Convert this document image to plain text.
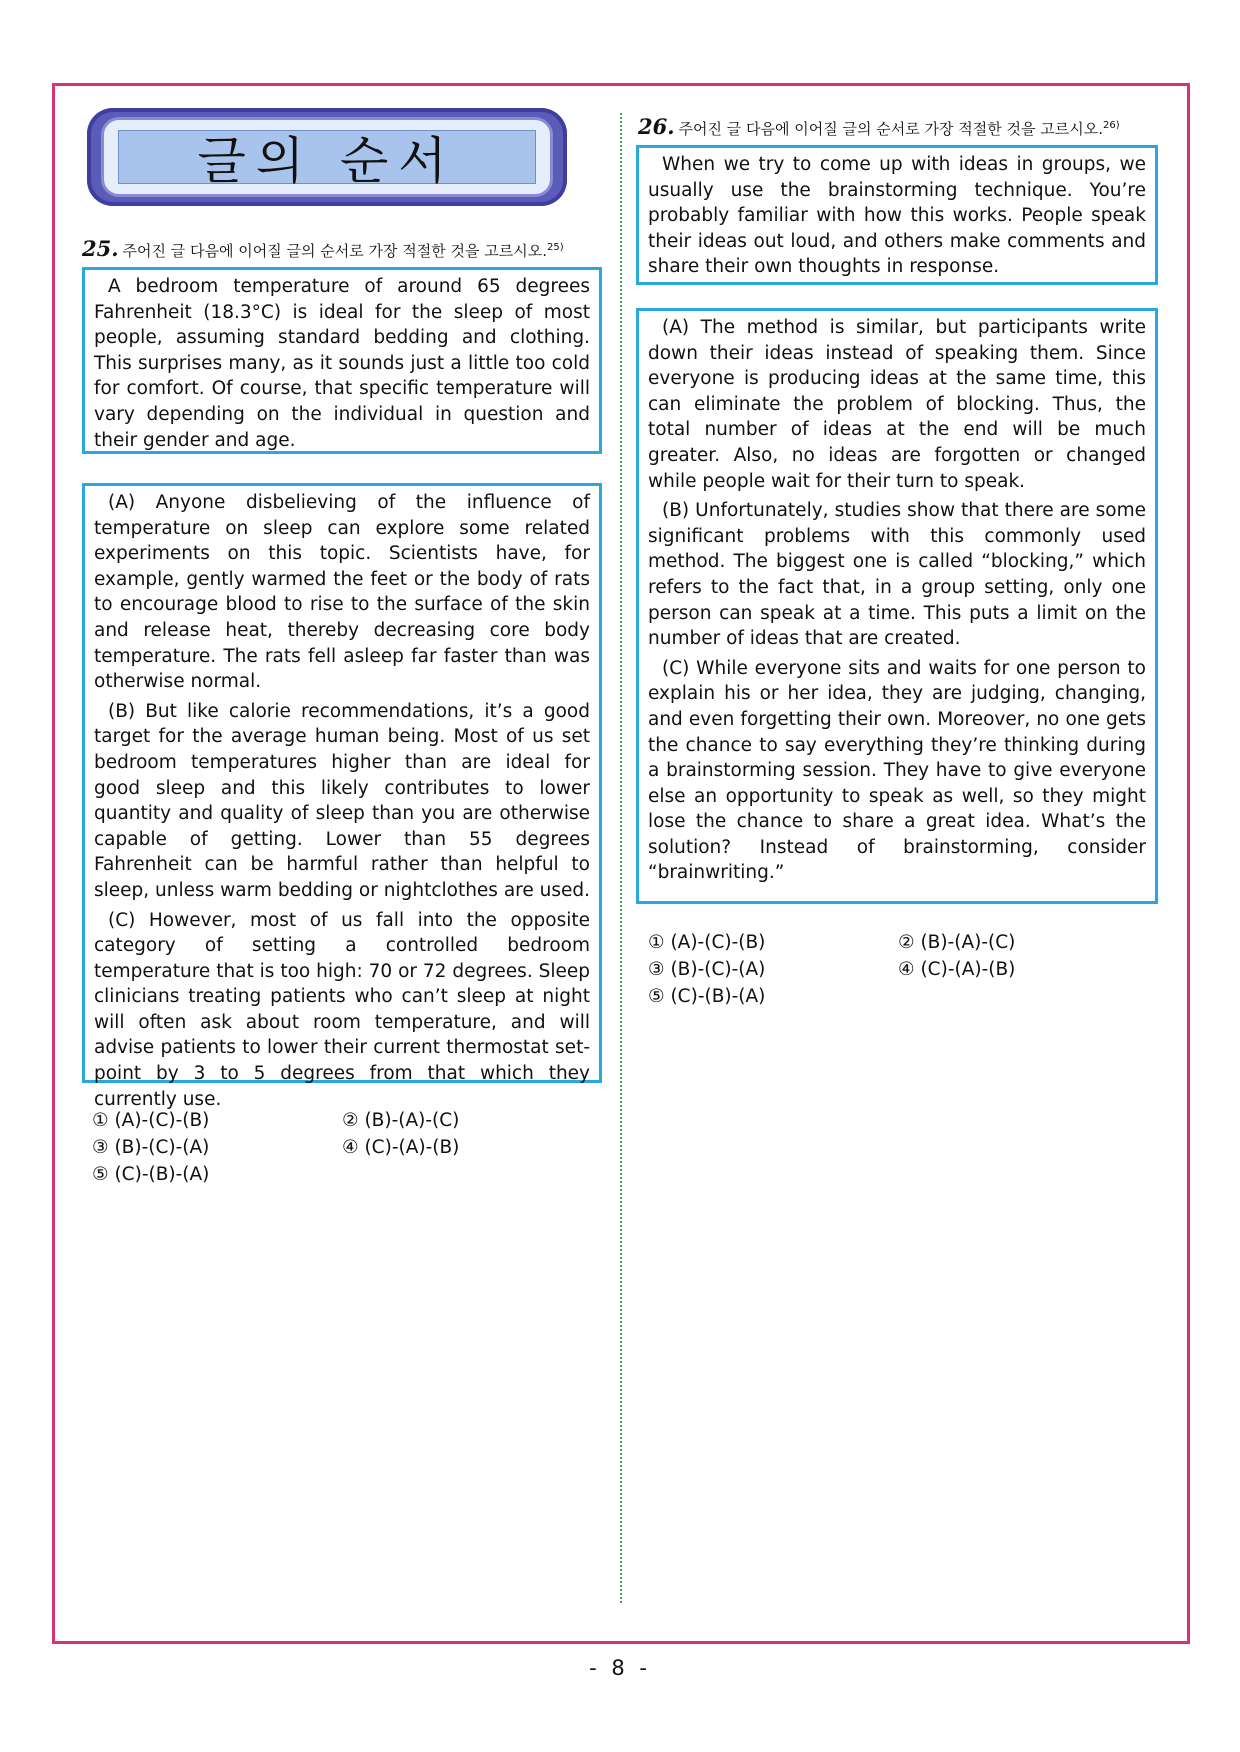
글의 순서
25. 주어진 글 다음에 이어질 글의 순서로 가장 적절한 것을 고르시오.$^{25)}$

A bedroom temperature of around 65 degrees Fahrenheit (18.3°C) is ideal for the sleep of most people, assuming standard bedding and clothing. This surprises many, as it sounds just a little too cold for comfort. Of course, that specific temperature will vary depending on the individual in question and their gender and age.

(A) Anyone disbelieving of the influence of temperature on sleep can explore some related experiments on this topic. Scientists have, for example, gently warmed the feet or the body of rats to encourage blood to rise to the surface of the skin and release heat, thereby decreasing core body temperature. The rats fell asleep far faster than was otherwise normal.

(B) But like calorie recommendations, it’s a good target for the average human being. Most of us set bedroom temperatures higher than are ideal for good sleep and this likely contributes to lower quantity and quality of sleep than you are otherwise capable of getting. Lower than 55 degrees Fahrenheit can be harmful rather than helpful to sleep, unless warm bedding or nightclothes are used.

(C) However, most of us fall into the opposite category of setting a controlled bedroom temperature that is too high: 70 or 72 degrees. Sleep clinicians treating patients who can’t sleep at night will often ask about room temperature, and will advise patients to lower their current thermostat set-point by 3 to 5 degrees from that which they currently use.

① (A)-(C)-(B)	② (B)-(A)-(C)
③ (B)-(C)-(A)	④ (C)-(A)-(B)
⑤ (C)-(B)-(A)
26. 주어진 글 다음에 이어질 글의 순서로 가장 적절한 것을 고르시오.$^{26)}$

When we try to come up with ideas in groups, we usually use the brainstorming technique. You’re probably familiar with how this works. People speak their ideas out loud, and others make comments and share their own thoughts in response.

(A) The method is similar, but participants write down their ideas instead of speaking them. Since everyone is producing ideas at the same time, this can eliminate the problem of blocking. Thus, the total number of ideas at the end will be much greater. Also, no ideas are forgotten or changed while people wait for their turn to speak.

(B) Unfortunately, studies show that there are some significant problems with this commonly used method. The biggest one is called “blocking,” which refers to the fact that, in a group setting, only one person can speak at a time. This puts a limit on the number of ideas that are created.

(C) While everyone sits and waits for one person to explain his or her idea, they are judging, changing, and even forgetting their own. Moreover, no one gets the chance to say everything they’re thinking during a brainstorming session. They have to give everyone else an opportunity to speak as well, so they might lose the chance to share a great idea. What’s the solution? Instead of brainstorming, consider “brainwriting.”

① (A)-(C)-(B)	② (B)-(A)-(C)
③ (B)-(C)-(A)	④ (C)-(A)-(B)
⑤ (C)-(B)-(A)
- 8 -
